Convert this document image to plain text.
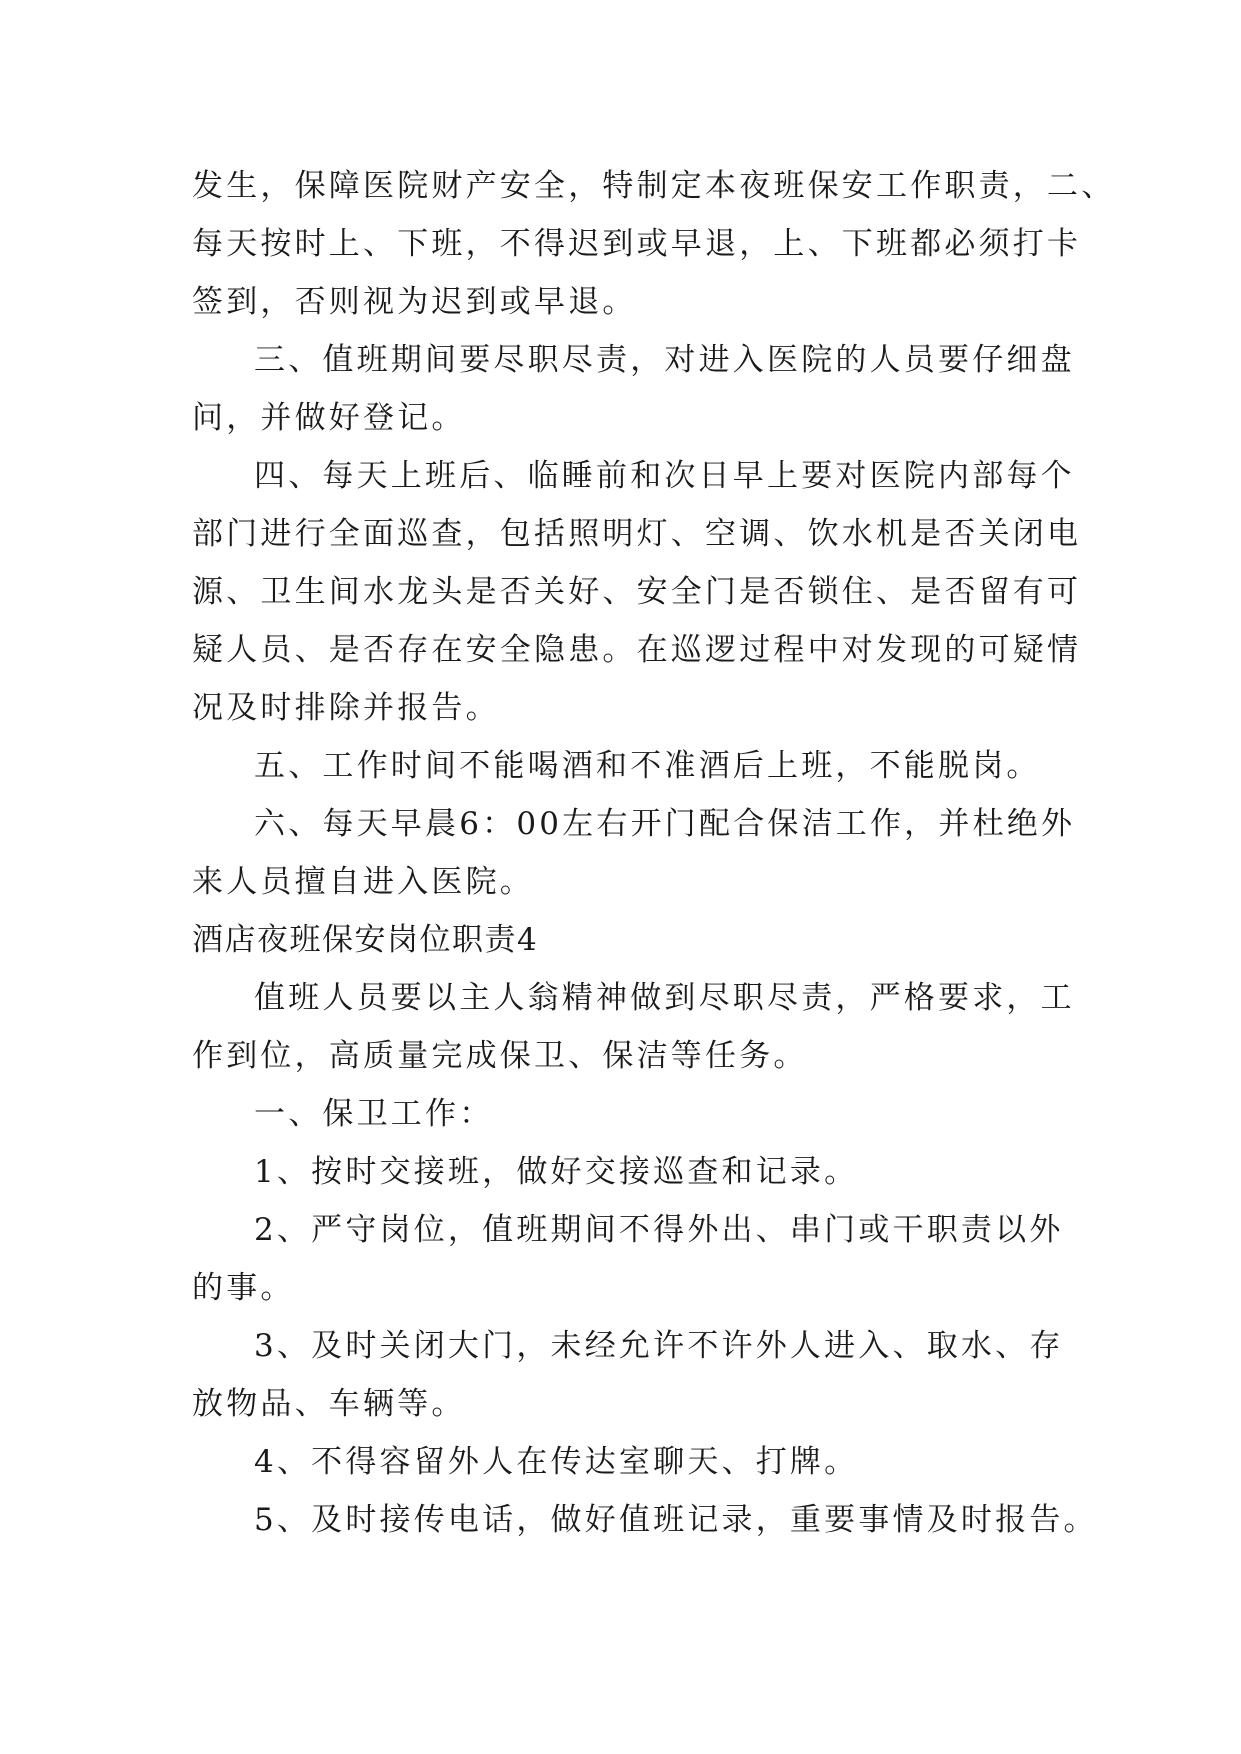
发生，保障医院财产安全，特制定本夜班保安工作职责，二、
每天按时上、下班，不得迟到或早退，上、下班都必须打卡
签到，否则视为迟到或早退。
三、值班期间要尽职尽责，对进入医院的人员要仔细盘
问，并做好登记。
四、每天上班后、临睡前和次日早上要对医院内部每个
部门进行全面巡查，包括照明灯、空调、饮水机是否关闭电
源、卫生间水龙头是否关好、安全门是否锁住、是否留有可
疑人员、是否存在安全隐患。在巡逻过程中对发现的可疑情
况及时排除并报告。
五、工作时间不能喝酒和不准酒后上班，不能脱岗。
六、每天早晨6：00左右开门配合保洁工作，并杜绝外
来人员擅自进入医院。
酒店夜班保安岗位职责4
值班人员要以主人翁精神做到尽职尽责，严格要求，工
作到位，高质量完成保卫、保洁等任务。
一、保卫工作：
1、按时交接班，做好交接巡查和记录。
2、严守岗位，值班期间不得外出、串门或干职责以外
的事。
3、及时关闭大门，未经允许不许外人进入、取水、存
放物品、车辆等。
4、不得容留外人在传达室聊天、打牌。
5、及时接传电话，做好值班记录，重要事情及时报告。
